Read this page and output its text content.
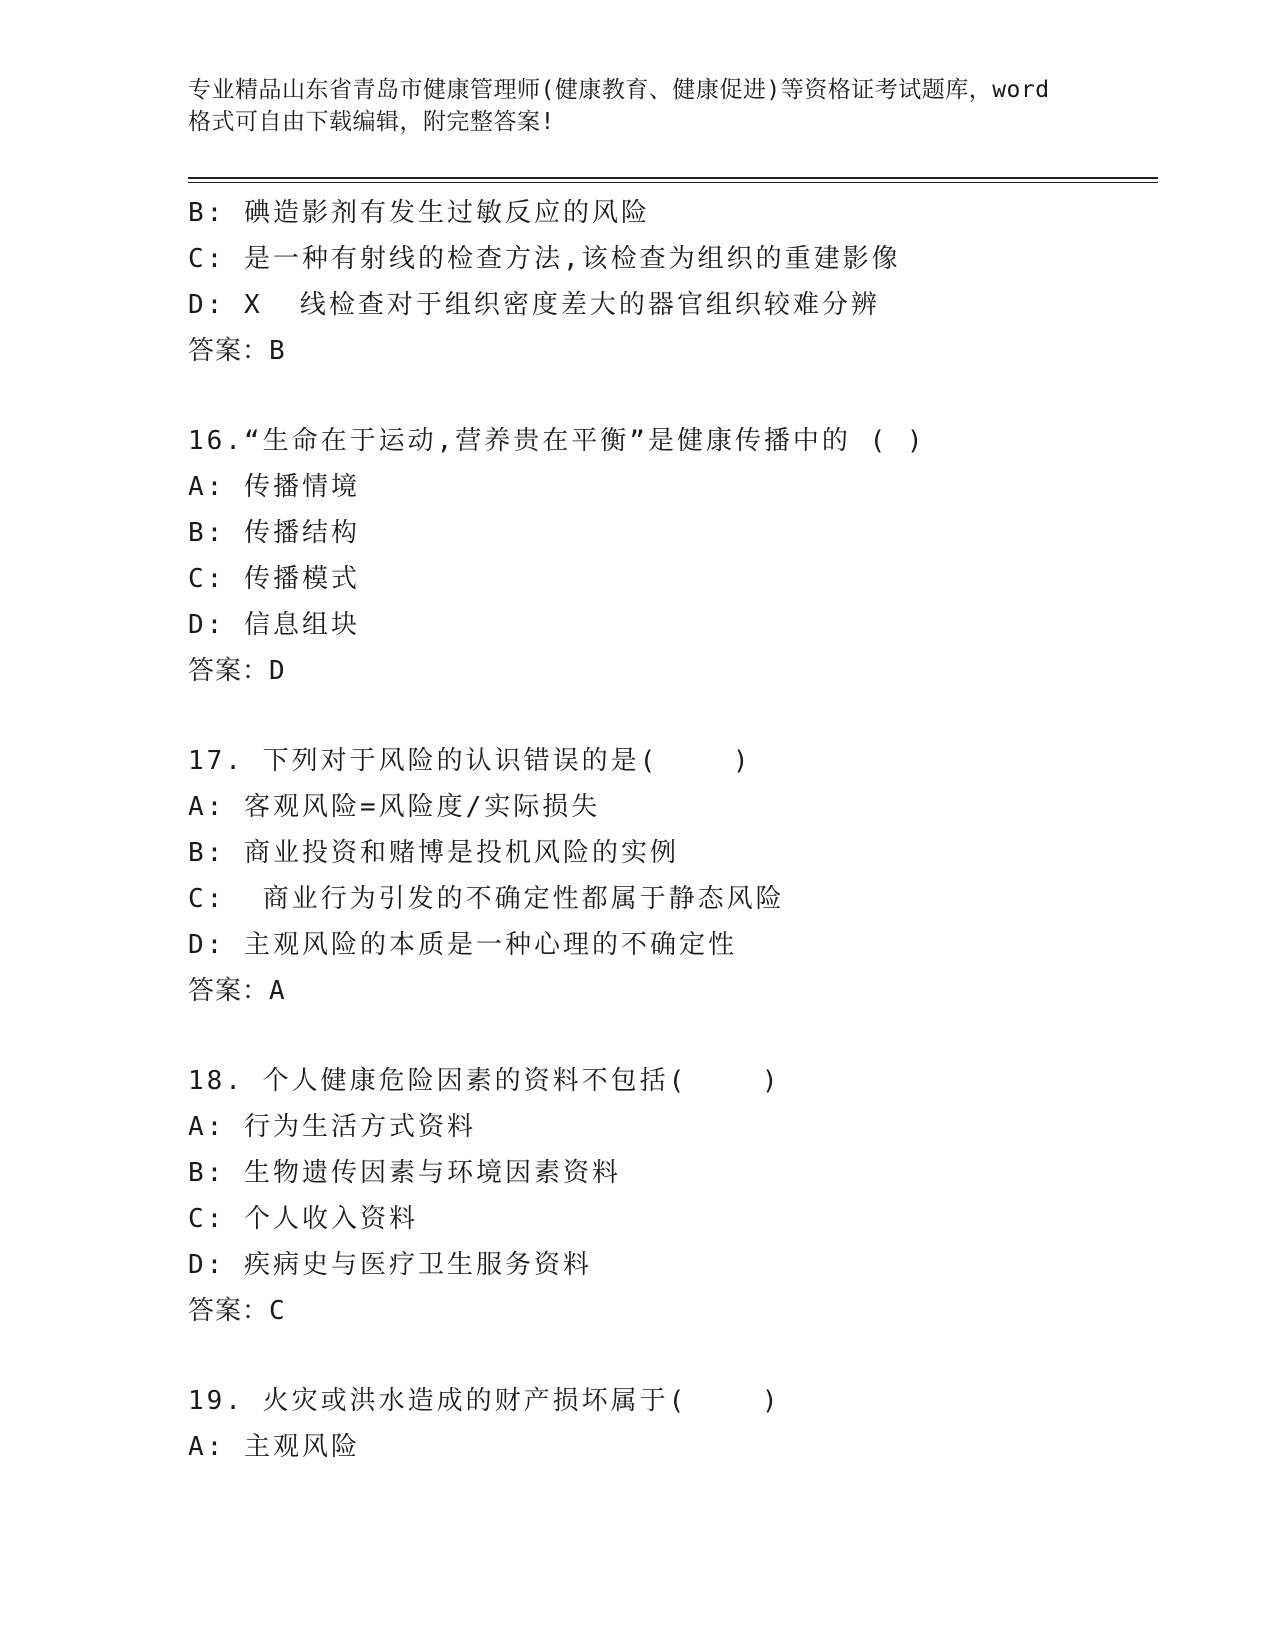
专业精品山东省青岛市健康管理师(健康教育、健康促进)等资格证考试题库，word
格式可自由下载编辑，附完整答案!
B: 碘造影剂有发生过敏反应的风险
C: 是一种有射线的检查方法,该检查为组织的重建影像
D: X  线检查对于组织密度差大的器官组织较难分辨
答案：B
16.“生命在于运动,营养贵在平衡”是健康传播中的 ( )
A: 传播情境
B: 传播结构
C: 传播模式
D: 信息组块
答案：D
17. 下列对于风险的认识错误的是(    )
A: 客观风险=风险度/实际损失
B: 商业投资和赌博是投机风险的实例
C:  商业行为引发的不确定性都属于静态风险
D: 主观风险的本质是一种心理的不确定性
答案：A
18. 个人健康危险因素的资料不包括(    )
A: 行为生活方式资料
B: 生物遗传因素与环境因素资料
C: 个人收入资料
D: 疾病史与医疗卫生服务资料
答案：C
19. 火灾或洪水造成的财产损坏属于(    )
A: 主观风险
